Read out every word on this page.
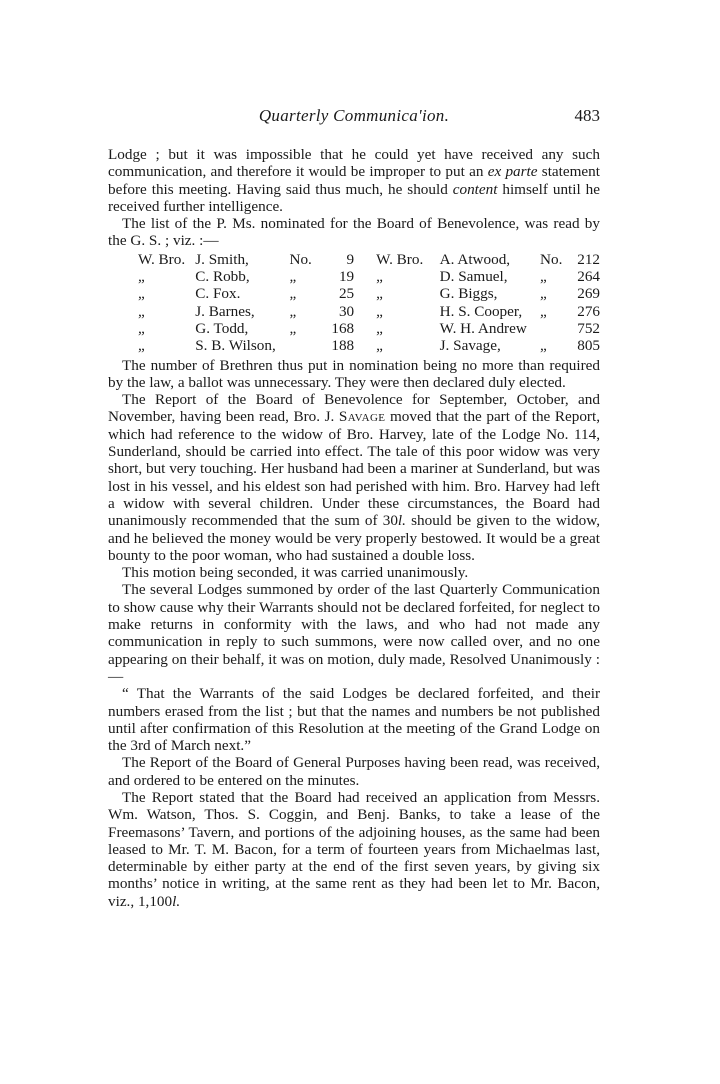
Quarterly Communica'ion.	483

Lodge ; but it was impossible that he could yet have received any such communication, and therefore it would be improper to put an ex parte statement before this meeting. Having said thus much, he should content himself until he received further intelligence.

The list of the P. Ms. nominated for the Board of Benevolence, was read by the G. S. ; viz. :—

W. Bro.	J. Smith,	No.	9		W. Bro.	A. Atwood,	No.	212
„	C. Robb,	„	19		„	D. Samuel,	„	264
„	C. Fox.	„	25		„	G. Biggs,	„	269
„	J. Barnes,	„	30		„	H. S. Cooper,	„	276
„	G. Todd,	„	168		„	W. H. Andrew		752
„	S. B. Wilson,		188		„	J. Savage,	„	805

The number of Brethren thus put in nomination being no more than required by the law, a ballot was unnecessary. They were then declared duly elected.

The Report of the Board of Benevolence for September, October, and November, having been read, Bro. J. Savage moved that the part of the Report, which had reference to the widow of Bro. Harvey, late of the Lodge No. 114, Sunderland, should be carried into effect. The tale of this poor widow was very short, but very touching. Her husband had been a mariner at Sunderland, but was lost in his vessel, and his eldest son had perished with him. Bro. Harvey had left a widow with several children. Under these circumstances, the Board had unanimously recommended that the sum of 30l. should be given to the widow, and he believed the money would be very properly bestowed. It would be a great bounty to the poor woman, who had sustained a double loss.

This motion being seconded, it was carried unanimously.

The several Lodges summoned by order of the last Quarterly Communication to show cause why their Warrants should not be declared forfeited, for neglect to make returns in conformity with the laws, and who had not made any communication in reply to such summons, were now called over, and no one appearing on their behalf, it was on motion, duly made, Resolved Unanimously :—

“ That the Warrants of the said Lodges be declared forfeited, and their numbers erased from the list ; but that the names and numbers be not published until after confirmation of this Resolution at the meeting of the Grand Lodge on the 3rd of March next.”

The Report of the Board of General Purposes having been read, was received, and ordered to be entered on the minutes.

The Report stated that the Board had received an application from Messrs. Wm. Watson, Thos. S. Coggin, and Benj. Banks, to take a lease of the Freemasons’ Tavern, and portions of the adjoining houses, as the same had been leased to Mr. T. M. Bacon, for a term of fourteen years from Michaelmas last, determinable by either party at the end of the first seven years, by giving six months’ notice in writing, at the same rent as they had been let to Mr. Bacon, viz., 1,100l.
